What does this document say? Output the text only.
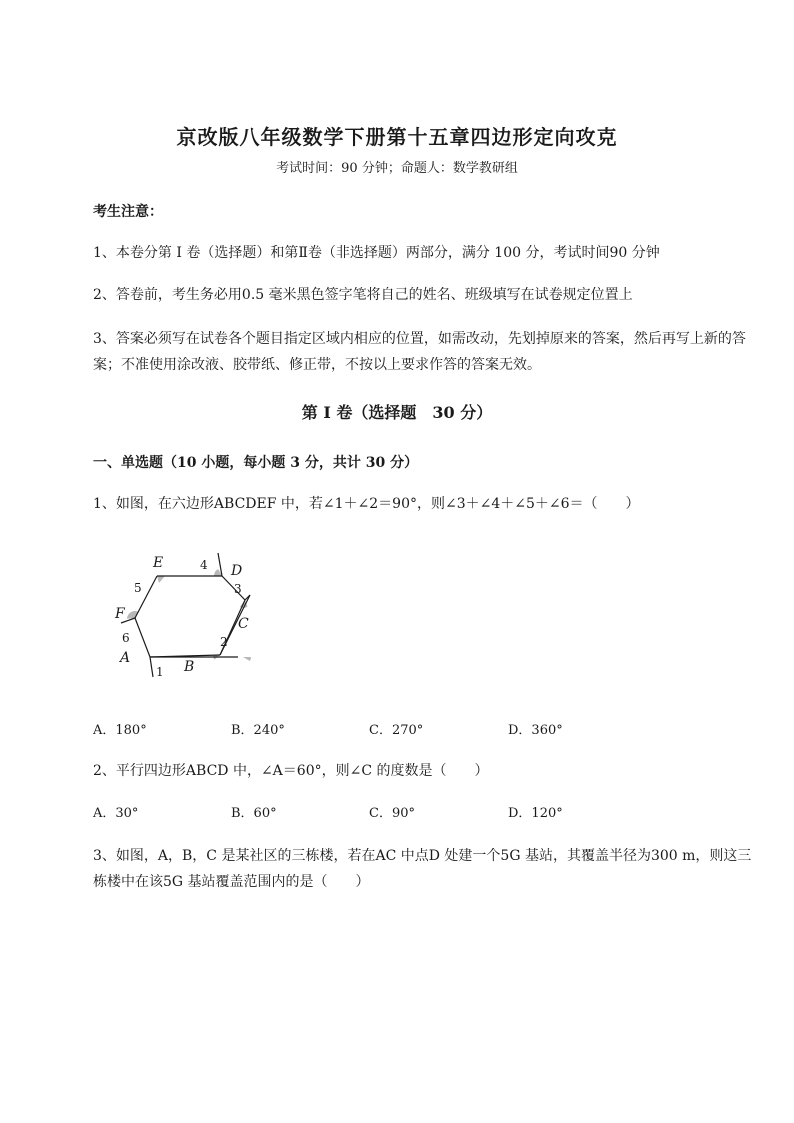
京改版八年级数学下册第十五章四边形定向攻克
考试时间：90 分钟；命题人：数学教研组
考生注意：
1、本卷分第 I 卷（选择题）和第Ⅱ卷（非选择题）两部分，满分 100 分，考试时间90 分钟
2、答卷前，考生务必用0.5 毫米黑色签字笔将自己的姓名、班级填写在试卷规定位置上
3、答案必须写在试卷各个题目指定区域内相应的位置，如需改动，先划掉原来的答案，然后再写上新的答案；不准使用涂改液、胶带纸、修正带，不按以上要求作答的答案无效。
第 I 卷（选择题　30 分）
一、单选题（10 小题，每小题 3 分，共计 30 分）
1、如图，在六边形ABCDEF 中，若∠1＋∠2＝90°，则∠3＋∠4＋∠5＋∠6＝（　　）
E	D
F
C
A
B
1
2
3
4
5
6
A．180°	B．240°	C．270°	D．360°
2、平行四边形ABCD 中，∠A＝60°，则∠C 的度数是（　　）
A．30°	B．60°	C．90°	D．120°
3、如图，A，B，C 是某社区的三栋楼，若在AC 中点D 处建一个5G 基站，其覆盖半径为300 m，则这三栋楼中在该5G 基站覆盖范围内的是（　　）
